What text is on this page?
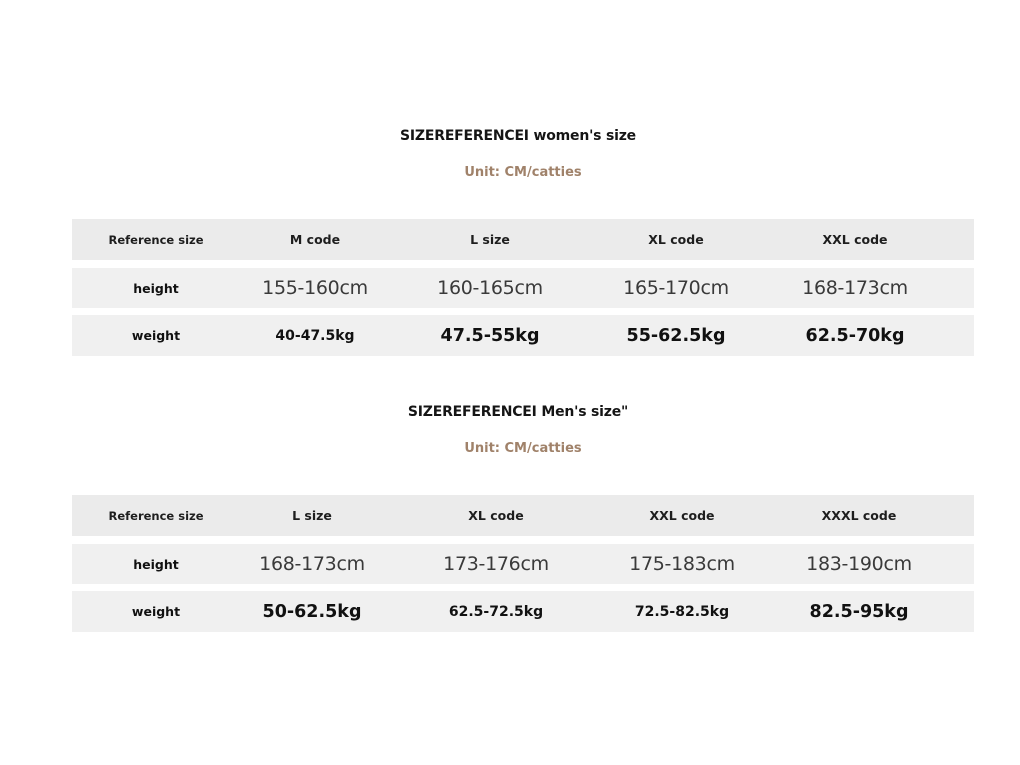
SIZEREFERENCEI women's size
Unit: CM/catties
Reference size	M code	L size	XL code	XXL code
height	155-160cm	160-165cm	165-170cm	168-173cm
weight	40-47.5kg	47.5-55kg	55-62.5kg	62.5-70kg
SIZEREFERENCEI Men's size"
Unit: CM/catties
Reference size	L size	XL code	XXL code	XXXL code
height	168-173cm	173-176cm	175-183cm	183-190cm
weight	50-62.5kg	62.5-72.5kg	72.5-82.5kg	82.5-95kg
